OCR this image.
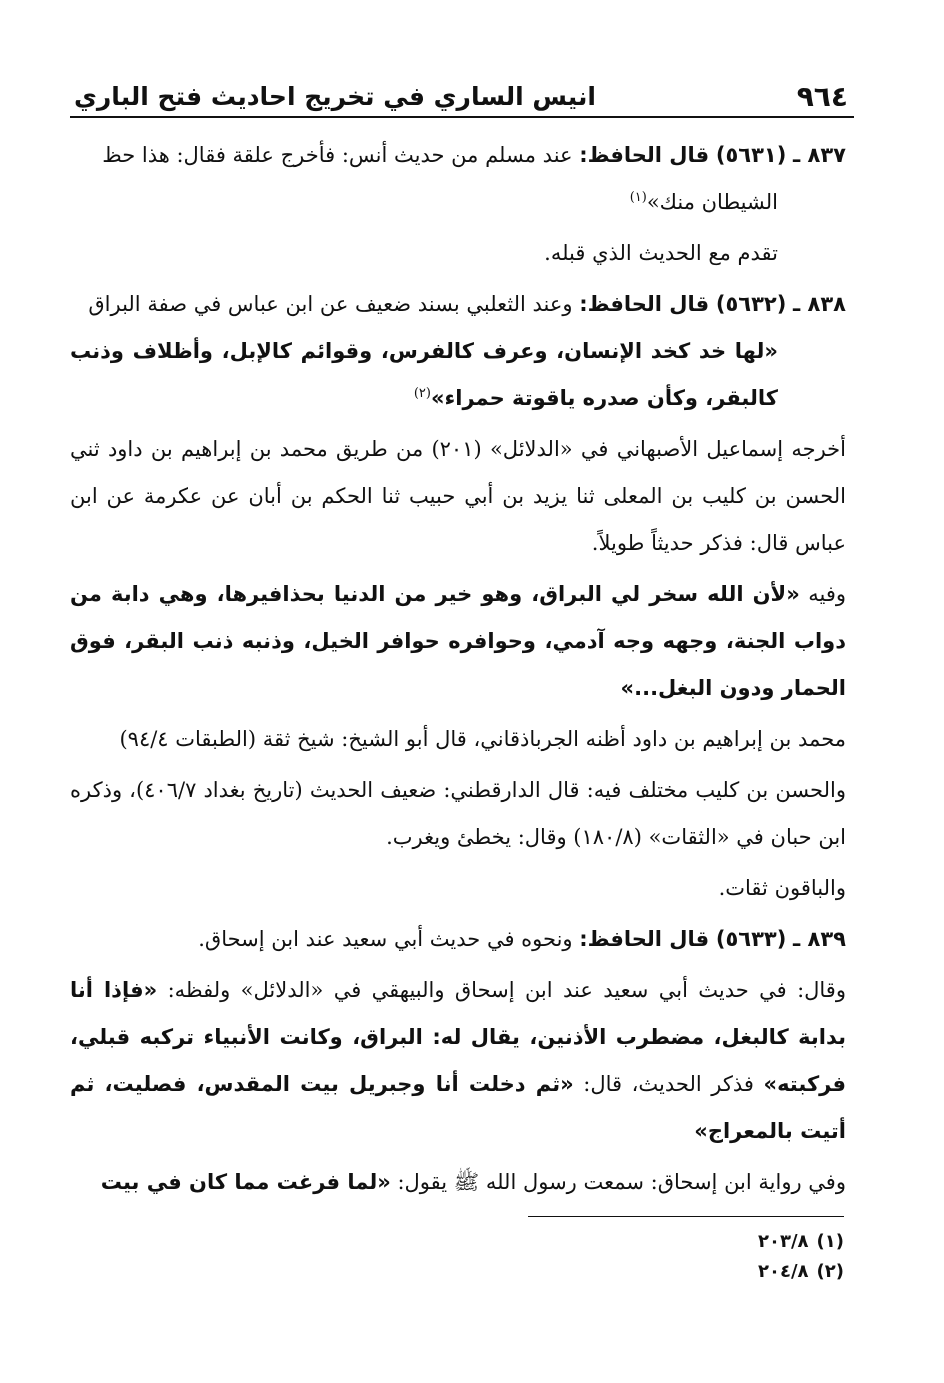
٩٦٤
انيس الساري في تخريج احاديث فتح الباري

٨٣٧ ـ (٥٦٣١) قال الحافظ: عند مسلم من حديث أنس: فأخرج علقة فقال: هذا حظ

الشيطان منك»$^{(١)}$

تقدم مع الحديث الذي قبله.

٨٣٨ ـ (٥٦٣٢) قال الحافظ: وعند الثعلبي بسند ضعيف عن ابن عباس في صفة البراق

«لها خد كخد الإنسان، وعرف كالفرس، وقوائم كالإبل، وأظلاف وذنب كالبقر، وكأن صدره ياقوتة حمراء»$^{(٢)}$

أخرجه إسماعيل الأصبهاني في «الدلائل» (٢٠١) من طريق محمد بن إبراهيم بن داود ثني الحسن بن كليب بن المعلى ثنا يزيد بن أبي حبيب ثنا الحكم بن أبان عن عكرمة عن ابن عباس قال: فذكر حديثاً طويلاً.

وفيه «لأن الله سخر لي البراق، وهو خير من الدنيا بحذافيرها، وهي دابة من دواب الجنة، وجهه وجه آدمي، وحوافره حوافر الخيل، وذنبه ذنب البقر، فوق الحمار ودون البغل...»

محمد بن إبراهيم بن داود أظنه الجرباذقاني، قال أبو الشيخ: شيخ ثقة (الطبقات ٩٤/٤)

والحسن بن كليب مختلف فيه: قال الدارقطني: ضعيف الحديث (تاريخ بغداد ٤٠٦/٧)، وذكره ابن حبان في «الثقات» (١٨٠/٨) وقال: يخطئ ويغرب.

والباقون ثقات.

٨٣٩ ـ (٥٦٣٣) قال الحافظ: ونحوه في حديث أبي سعيد عند ابن إسحاق.

وقال: في حديث أبي سعيد عند ابن إسحاق والبيهقي في «الدلائل» ولفظه: «فإذا أنا بدابة كالبغل، مضطرب الأذنين، يقال له: البراق، وكانت الأنبياء تركبه قبلي، فركبته» فذكر الحديث، قال: «ثم دخلت أنا وجبريل بيت المقدس، فصليت، ثم أتيت بالمعراج»

وفي رواية ابن إسحاق: سمعت رسول الله ﷺ يقول: «لما فرغت مما كان في بيت

(١)٢٠٣/٨
(٢)٢٠٤/٨
